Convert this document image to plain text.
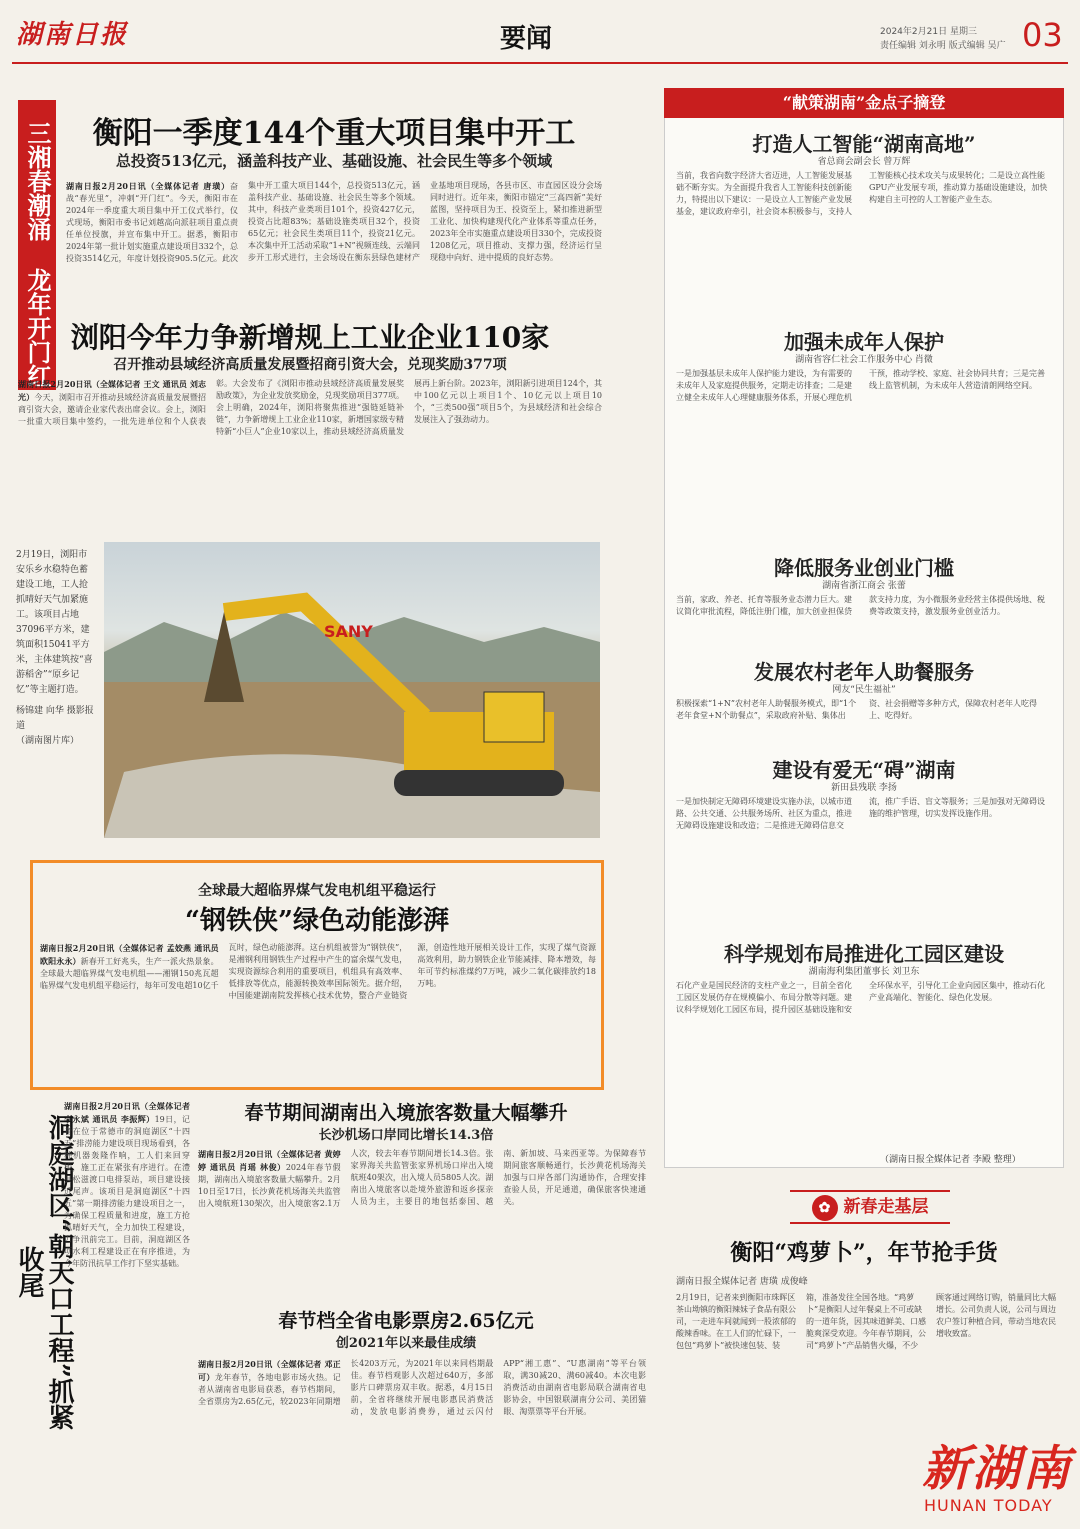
湖南日报	要闻	2024年2月21日 星期三
责任编辑 刘永明 版式编辑 吴广 03
三湘春潮涌 龙年开门红
衡阳一季度144个重大项目集中开工
总投资513亿元，涵盖科技产业、基础设施、社会民生等多个领域
湖南日报2月20日讯（全媒体记者 唐璜）奋战“春光里”，冲刺“开门红”。今天，衡阳市在2024年一季度重大项目集中开工仪式举行，仪式现场，衡阳市委书记刘越高向派驻项目重点责任单位授旗，并宣布集中开工。据悉，衡阳市2024年第一批计划实施重点建设项目332个，总投资3514亿元，年度计划投资905.5亿元。此次集中开工重大项目144个，总投资513亿元，涵盖科技产业、基础设施、社会民生等多个领域。其中，科技产业类项目101个，投资427亿元，投资占比超83%；基础设施类项目32个，投资65亿元；社会民生类项目11个，投资21亿元。本次集中开工活动采取“1+N”视频连线、云端同步开工形式进行，主会场设在衡东县绿色建材产业基地项目现场，各县市区、市直园区设分会场同时进行。近年来，衡阳市锚定“三高四新”美好蓝图，坚持项目为王、投资至上，紧扣推进新型工业化、加快构建现代化产业体系等重点任务，2023年全市实施重点建设项目330个，完成投资1208亿元，项目推动、支撑力强，经济运行呈现稳中向好、进中提质的良好态势。
浏阳今年力争新增规上工业企业110家
召开推动县域经济高质量发展暨招商引资大会，兑现奖励377项
湖南日报2月20日讯（全媒体记者 王文 通讯员 刘志光）今天，浏阳市召开推动县域经济高质量发展暨招商引资大会，邀请企业家代表出席会议。会上，浏阳一批重大项目集中签约，一批先进单位和个人获表彰。大会发布了《浏阳市推动县域经济高质量发展奖励政策》，为企业发放奖励金，兑现奖励项目377项。会上明确，2024年，浏阳将聚焦推进“强链延链补链”，力争新增规上工业企业110家，新增国家级专精特新“小巨人”企业10家以上，推动县域经济高质量发展再上新台阶。2023年，浏阳新引进项目124个，其中100亿元以上项目1个、10亿元以上项目10个，“三类500强”项目5个，为县域经济和社会综合发展注入了强劲动力。
SANY
2月19日，浏阳市安乐乡水稳特色蓄建设工地，工人抢抓晴好天气加紧施工。该项目占地37096平方米，建筑面积15041平方米，主体建筑按“喜游稻舍”“原乡记忆”等主题打造。
杨锦建 向华 摄影报道
（湖南图片库）
全球最大超临界煤气发电机组平稳运行
“钢铁侠”绿色动能澎湃
湖南日报2月20日讯（全媒体记者 孟姣燕 通讯员 欧阳永永）新春开工好兆头，生产一派火热景象。全球最大超临界煤气发电机组——湘钢150兆瓦超临界煤气发电机组平稳运行，每年可发电超10亿千瓦时，绿色动能澎湃。这台机组被誉为“钢铁侠”，是湘钢利用钢铁生产过程中产生的富余煤气发电，实现资源综合利用的重要项目，机组具有高效率、低排放等优点，能源转换效率国际领先。据介绍，中国能建湖南院发挥核心技术优势，整合产业链资源，创造性地开展相关设计工作，实现了煤气资源高效利用，助力钢铁企业节能减排、降本增效，每年可节约标准煤约7万吨，减少二氧化碳排放约18万吨。
洞庭湖区“朝天口工程”抓紧收尾
湖南日报2月20日讯（全媒体记者 李永斌 通讯员 李振辉）19日，记者在位于常德市的洞庭湖区“十四五”排涝能力建设项目现场看到，各种机器轰隆作响，工人们来回穿梭，施工正在紧张有序进行。在澧县松滋渡口电排泵站，项目建设接近尾声。该项目是洞庭湖区“十四五”第一期排涝能力建设项目之一，为确保工程质量和进度，施工方抢抓晴好天气，全力加快工程建设，力争汛前完工。目前，洞庭湖区各项水利工程建设正在有序推进，为今年防汛抗旱工作打下坚实基础。
春节期间湖南出入境旅客数量大幅攀升
长沙机场口岸同比增长14.3倍
湖南日报2月20日讯（全媒体记者 黄婷婷 通讯员 肖瑶 林俊）2024年春节假期，湖南出入境旅客数量大幅攀升。2月10日至17日，长沙黄花机场海关共监管出入境航班130架次，出入境旅客2.1万人次，较去年春节期间增长14.3倍。张家界海关共监管张家界机场口岸出入境航班40架次，出入境人员5805人次。湖南出入境旅客以赴境外旅游和返乡探亲人员为主，主要目的地包括泰国、越南、新加坡、马来西亚等。为保障春节期间旅客顺畅通行，长沙黄花机场海关加强与口岸各部门沟通协作，合理安排查验人员，开足通道，确保旅客快速通关。
春节档全省电影票房2.65亿元
创2021年以来最佳成绩
湖南日报2月20日讯（全媒体记者 邓正可）龙年春节，各地电影市场火热。记者从湖南省电影局获悉，春节档期间，全省票房为2.65亿元，较2023年同期增长4203万元，为2021年以来同档期最佳。春节档观影人次超过640万，多部影片口碑票房双丰收。据悉，4月15日前，全省将继续开展电影惠民消费活动，发放电影消费券，通过云闪付APP“湘工惠”、“U惠湖南”等平台领取，满30减20、满60减40。本次电影消费活动由湖南省电影局联合湖南省电影协会，中国银联湖南分公司、美团猫眼、淘票票等平台开展。
“献策湖南”金点子摘登
打造人工智能“湖南高地”
省总商会副会长 曾万辉
当前，我省向数字经济大省迈进，人工智能发展基础不断夯实。为全面提升我省人工智能科技创新能力，特提出以下建议：一是设立人工智能产业发展基金，建议政府牵引，社会资本积极参与，支持人工智能核心技术攻关与成果转化；二是设立高性能GPU产业发展专项，推动算力基础设施建设，加快构建自主可控的人工智能产业生态。
加强未成年人保护
湖南省容仁社会工作服务中心 肖微
一是加强基层未成年人保护能力建设，为有需要的未成年人及家庭提供服务，定期走访排查；二是建立健全未成年人心理健康服务体系，开展心理危机干预，推动学校、家庭、社会协同共育；三是完善线上监管机制，为未成年人营造清朗网络空间。
降低服务业创业门槛
湖南省浙江商会 张蕾
当前，家政、养老、托育等服务业态潜力巨大。建议简化审批流程，降低注册门槛，加大创业担保贷款支持力度，为小微服务业经营主体提供场地、税费等政策支持，激发服务业创业活力。
发展农村老年人助餐服务
网友“民生福祉”
积极探索“1+N”农村老年人助餐服务模式，即“1个老年食堂+N个助餐点”，采取政府补贴、集体出资、社会捐赠等多种方式，保障农村老年人吃得上、吃得好。
建设有爱无“碍”湖南
新田县残联 李扬
一是加快制定无障碍环境建设实施办法，以城市道路、公共交通、公共服务场所、社区为重点，推进无障碍设施建设和改造；二是推进无障碍信息交流，推广手语、盲文等服务；三是加强对无障碍设施的维护管理，切实发挥设施作用。
科学规划布局推进化工园区建设
湖南海利集团董事长 刘卫东
石化产业是国民经济的支柱产业之一，目前全省化工园区发展仍存在规模偏小、布局分散等问题。建议科学规划化工园区布局，提升园区基础设施和安全环保水平，引导化工企业向园区集中，推动石化产业高端化、智能化、绿色化发展。
（湖南日报全媒体记者 李殿 整理）
✿ 新春走基层
衡阳“鸡萝卜”，年节抢手货
湖南日报全媒体记者 唐璜 成俊峰
2月19日，记者来到衡阳市珠晖区茶山坳镇的衡阳辣妹子食品有限公司，一走进车间就闻到一股浓郁的酸辣香味。在工人们的忙碌下，一包包“鸡萝卜”被快速包装、装箱，准备发往全国各地。“鸡萝卜”是衡阳人过年餐桌上不可或缺的一道年货，因其味道鲜美、口感脆爽深受欢迎。今年春节期间，公司“鸡萝卜”产品销售火爆，不少顾客通过网络订购，销量同比大幅增长。公司负责人说，公司与周边农户签订种植合同，带动当地农民增收致富。
新湖南
HUNAN TODAY
